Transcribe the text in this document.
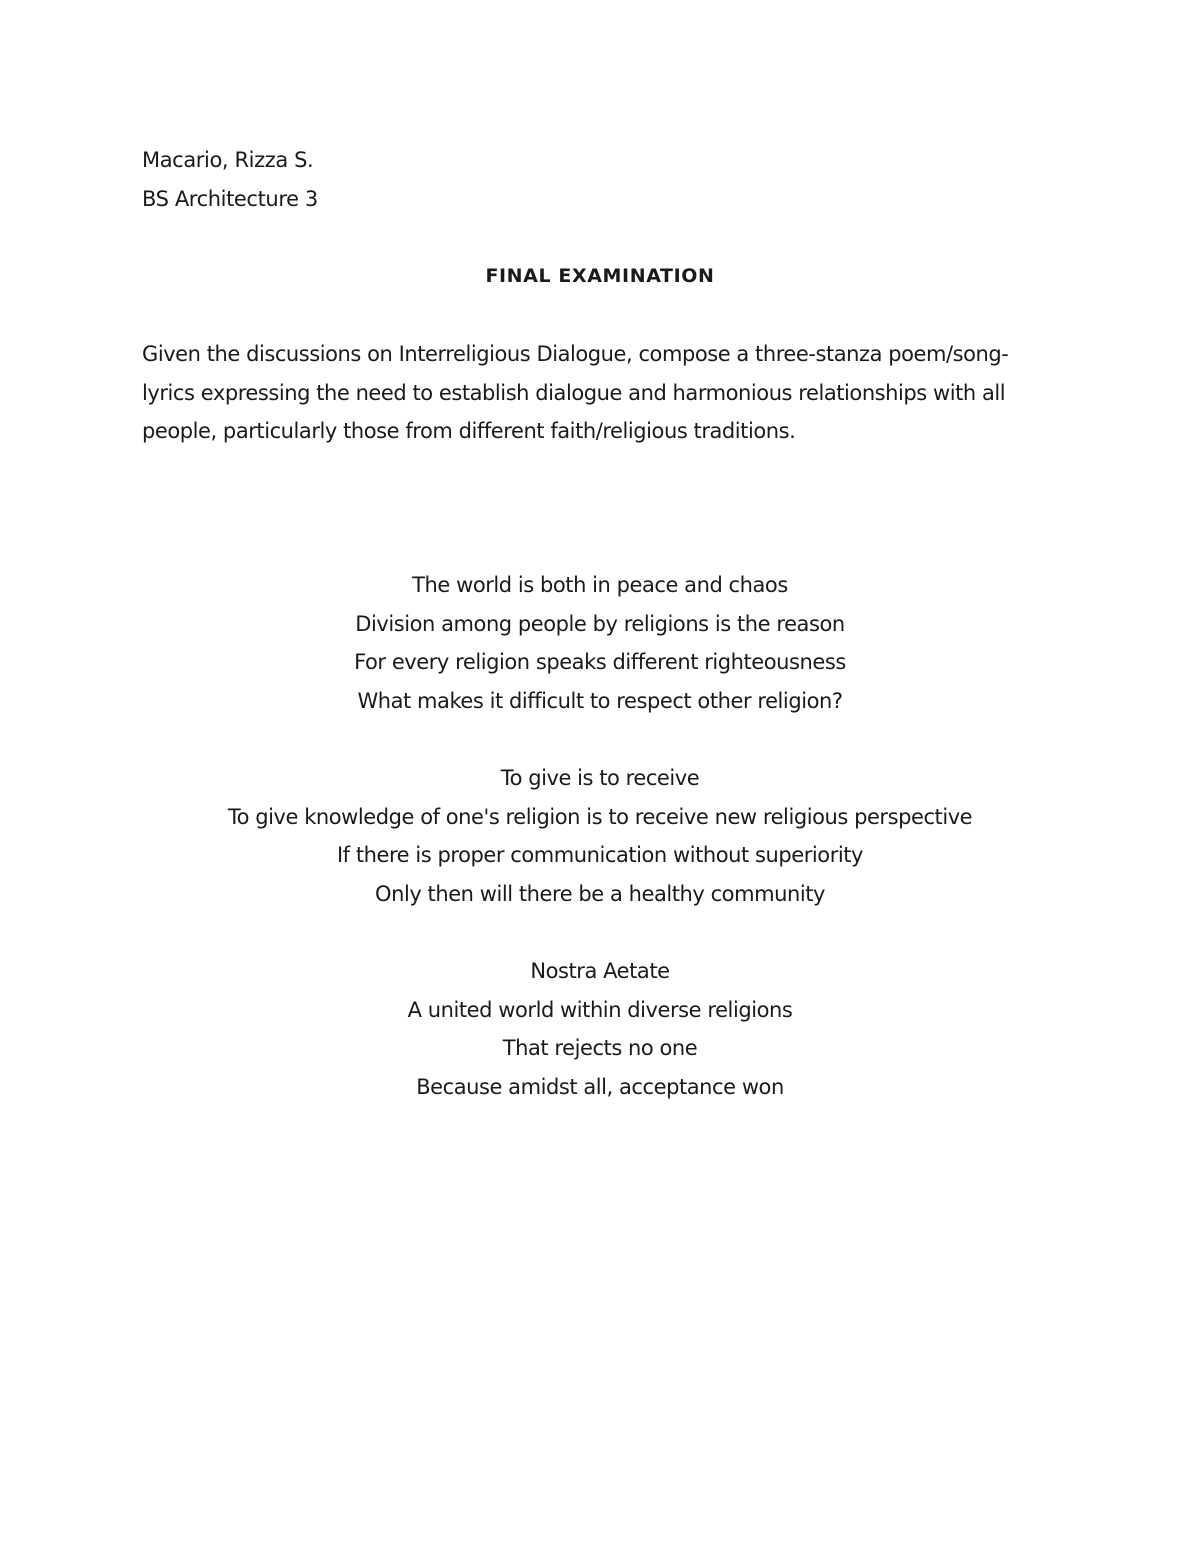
Macario, Rizza S.
BS Architecture 3
FINAL EXAMINATION
Given the discussions on Interreligious Dialogue, compose a three-stanza poem/song-lyrics expressing the need to establish dialogue and harmonious relationships with all people, particularly those from different faith/religious traditions.
The world is both in peace and chaos
Division among people by religions is the reason
For every religion speaks different righteousness
What makes it difficult to respect other religion?
To give is to receive
To give knowledge of one's religion is to receive new religious perspective
If there is proper communication without superiority
Only then will there be a healthy community
Nostra Aetate
A united world within diverse religions
That rejects no one
Because amidst all, acceptance won
